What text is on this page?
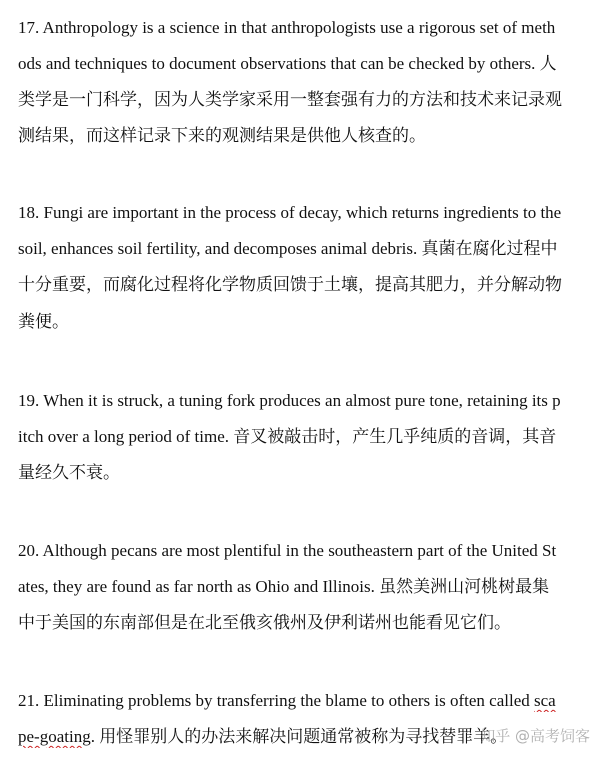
17. Anthropology is a science in that anthropologists use a rigorous set of meth
ods and techniques to document observations that can be checked by others. 人
类学是一门科学，因为人类学家采用一整套强有力的方法和技术来记录观
测结果，而这样记录下来的观测结果是供他人核查的。
18. Fungi are important in the process of decay, which returns ingredients to the
soil, enhances soil fertility, and decomposes animal debris. 真菌在腐化过程中
十分重要，而腐化过程将化学物质回馈于土壤，提高其肥力，并分解动物
粪便。
19. When it is struck, a tuning fork produces an almost pure tone, retaining its p
itch over a long period of time. 音叉被敲击时，产生几乎纯质的音调，其音
量经久不衰。
20. Although pecans are most plentiful in the southeastern part of the United St
ates, they are found as far north as Ohio and Illinois. 虽然美洲山河桃树最集
中于美国的东南部但是在北至俄亥俄州及伊利诺州也能看见它们。
21. Eliminating problems by transferring the blame to others is often called sca
pe-goating. 用怪罪别人的办法来解决问题通常被称为寻找替罪羊。
知乎 @高考饲客
